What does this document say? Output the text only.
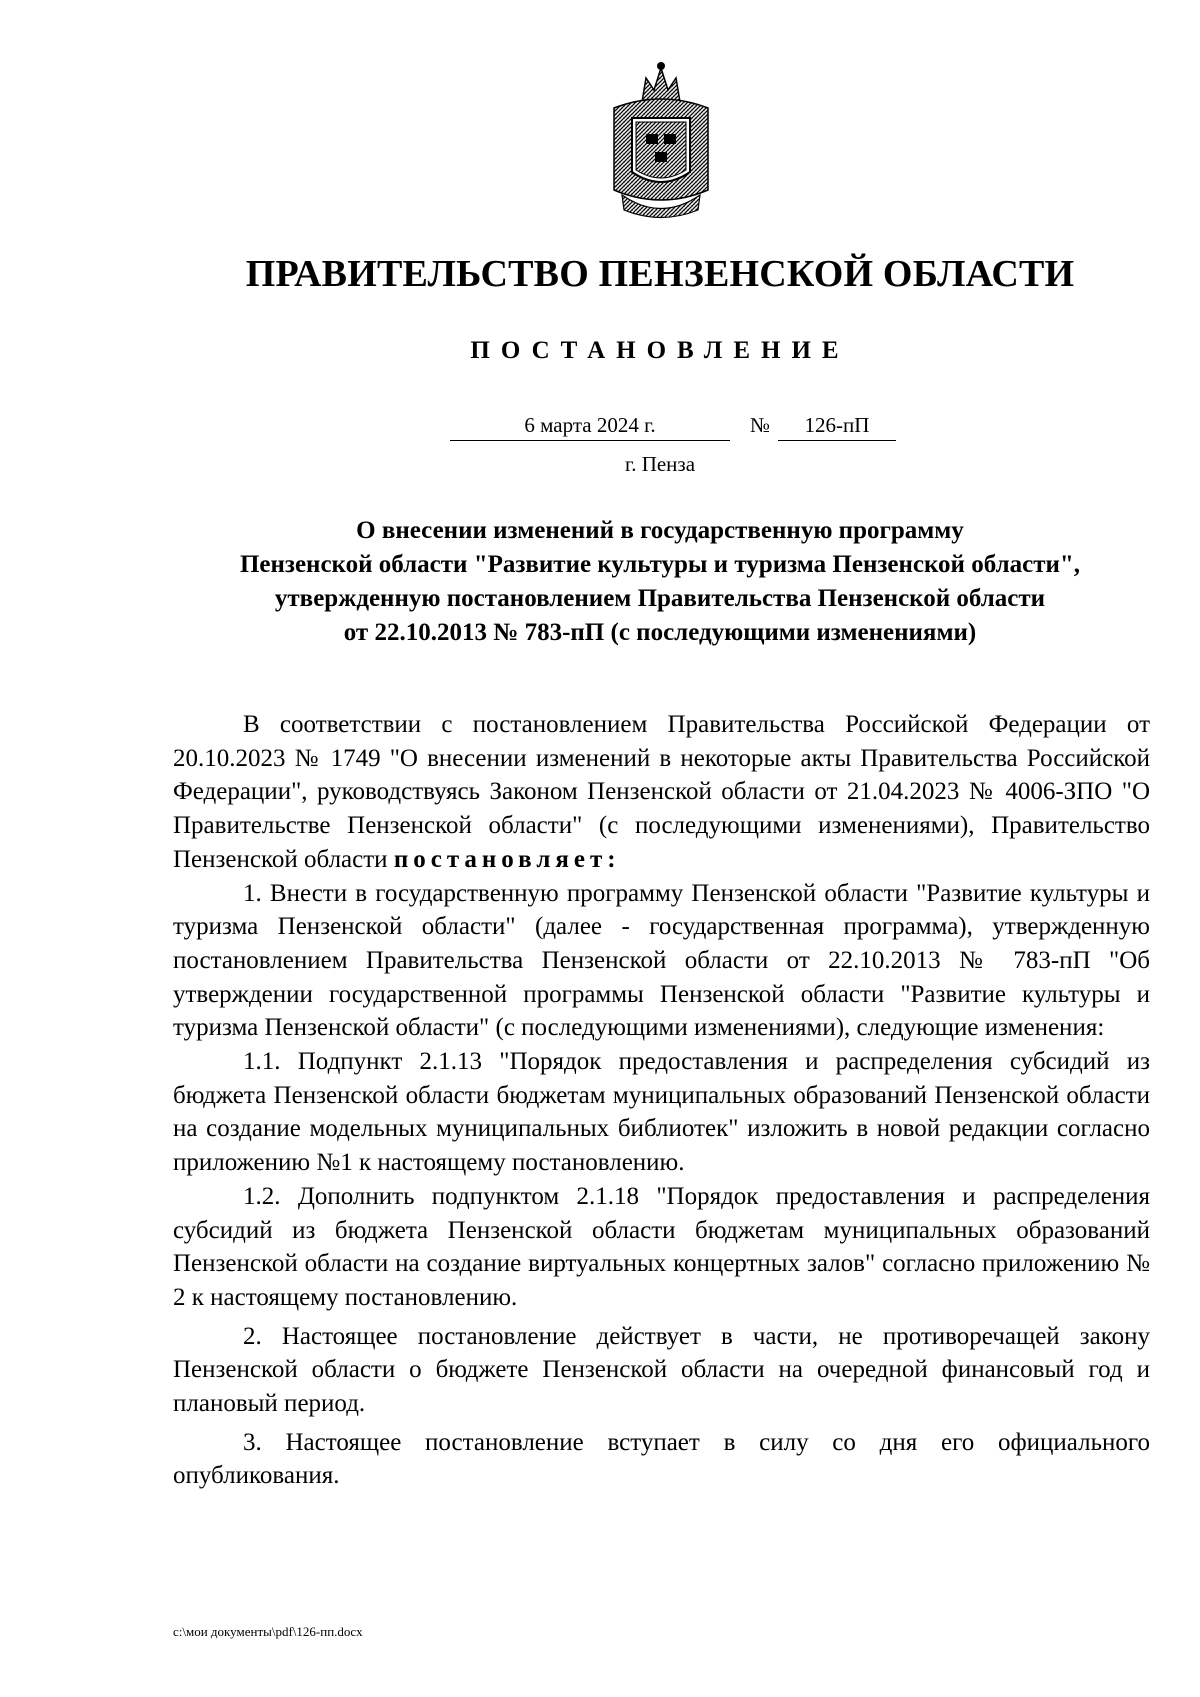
ПРАВИТЕЛЬСТВО ПЕНЗЕНСКОЙ ОБЛАСТИ
ПОСТАНОВЛЕНИЕ
6 марта 2024 г.	№	126-пП
г. Пенза
О внесении изменений в государственную программу
Пензенской области "Развитие культуры и туризма Пензенской области",
утвержденную постановлением Правительства Пензенской области
от 22.10.2013 № 783-пП (с последующими изменениями)

В соответствии с постановлением Правительства Российской Федерации от 20.10.2023 № 1749 "О внесении изменений в некоторые акты Правительства Российской Федерации", руководствуясь Законом Пензенской области от 21.04.2023 № 4006-ЗПО "О Правительстве Пензенской области" (с последующими изменениями), Правительство Пензенской области постановляет:

1. Внести в государственную программу Пензенской области "Развитие культуры и туризма Пензенской области" (далее - государственная программа), утвержденную постановлением Правительства Пензенской области от 22.10.2013 № 783-пП "Об утверждении государственной программы Пензенской области "Развитие культуры и туризма Пензенской области" (с последующими изменениями), следующие изменения:

1.1. Подпункт 2.1.13 "Порядок предоставления и распределения субсидий из бюджета Пензенской области бюджетам муниципальных образований Пензенской области на создание модельных муниципальных библиотек" изложить в новой редакции согласно приложению №1 к настоящему постановлению.

1.2. Дополнить подпунктом 2.1.18 "Порядок предоставления и распределения субсидий из бюджета Пензенской области бюджетам муниципальных образований Пензенской области на создание виртуальных концертных залов" согласно приложению № 2 к настоящему постановлению.

2. Настоящее постановление действует в части, не противоречащей закону Пензенской области о бюджете Пензенской области на очередной финансовый год и плановый период.

3. Настоящее постановление вступает в силу со дня его официального опубликования.

c:\мои документы\pdf\126-пп.docx
